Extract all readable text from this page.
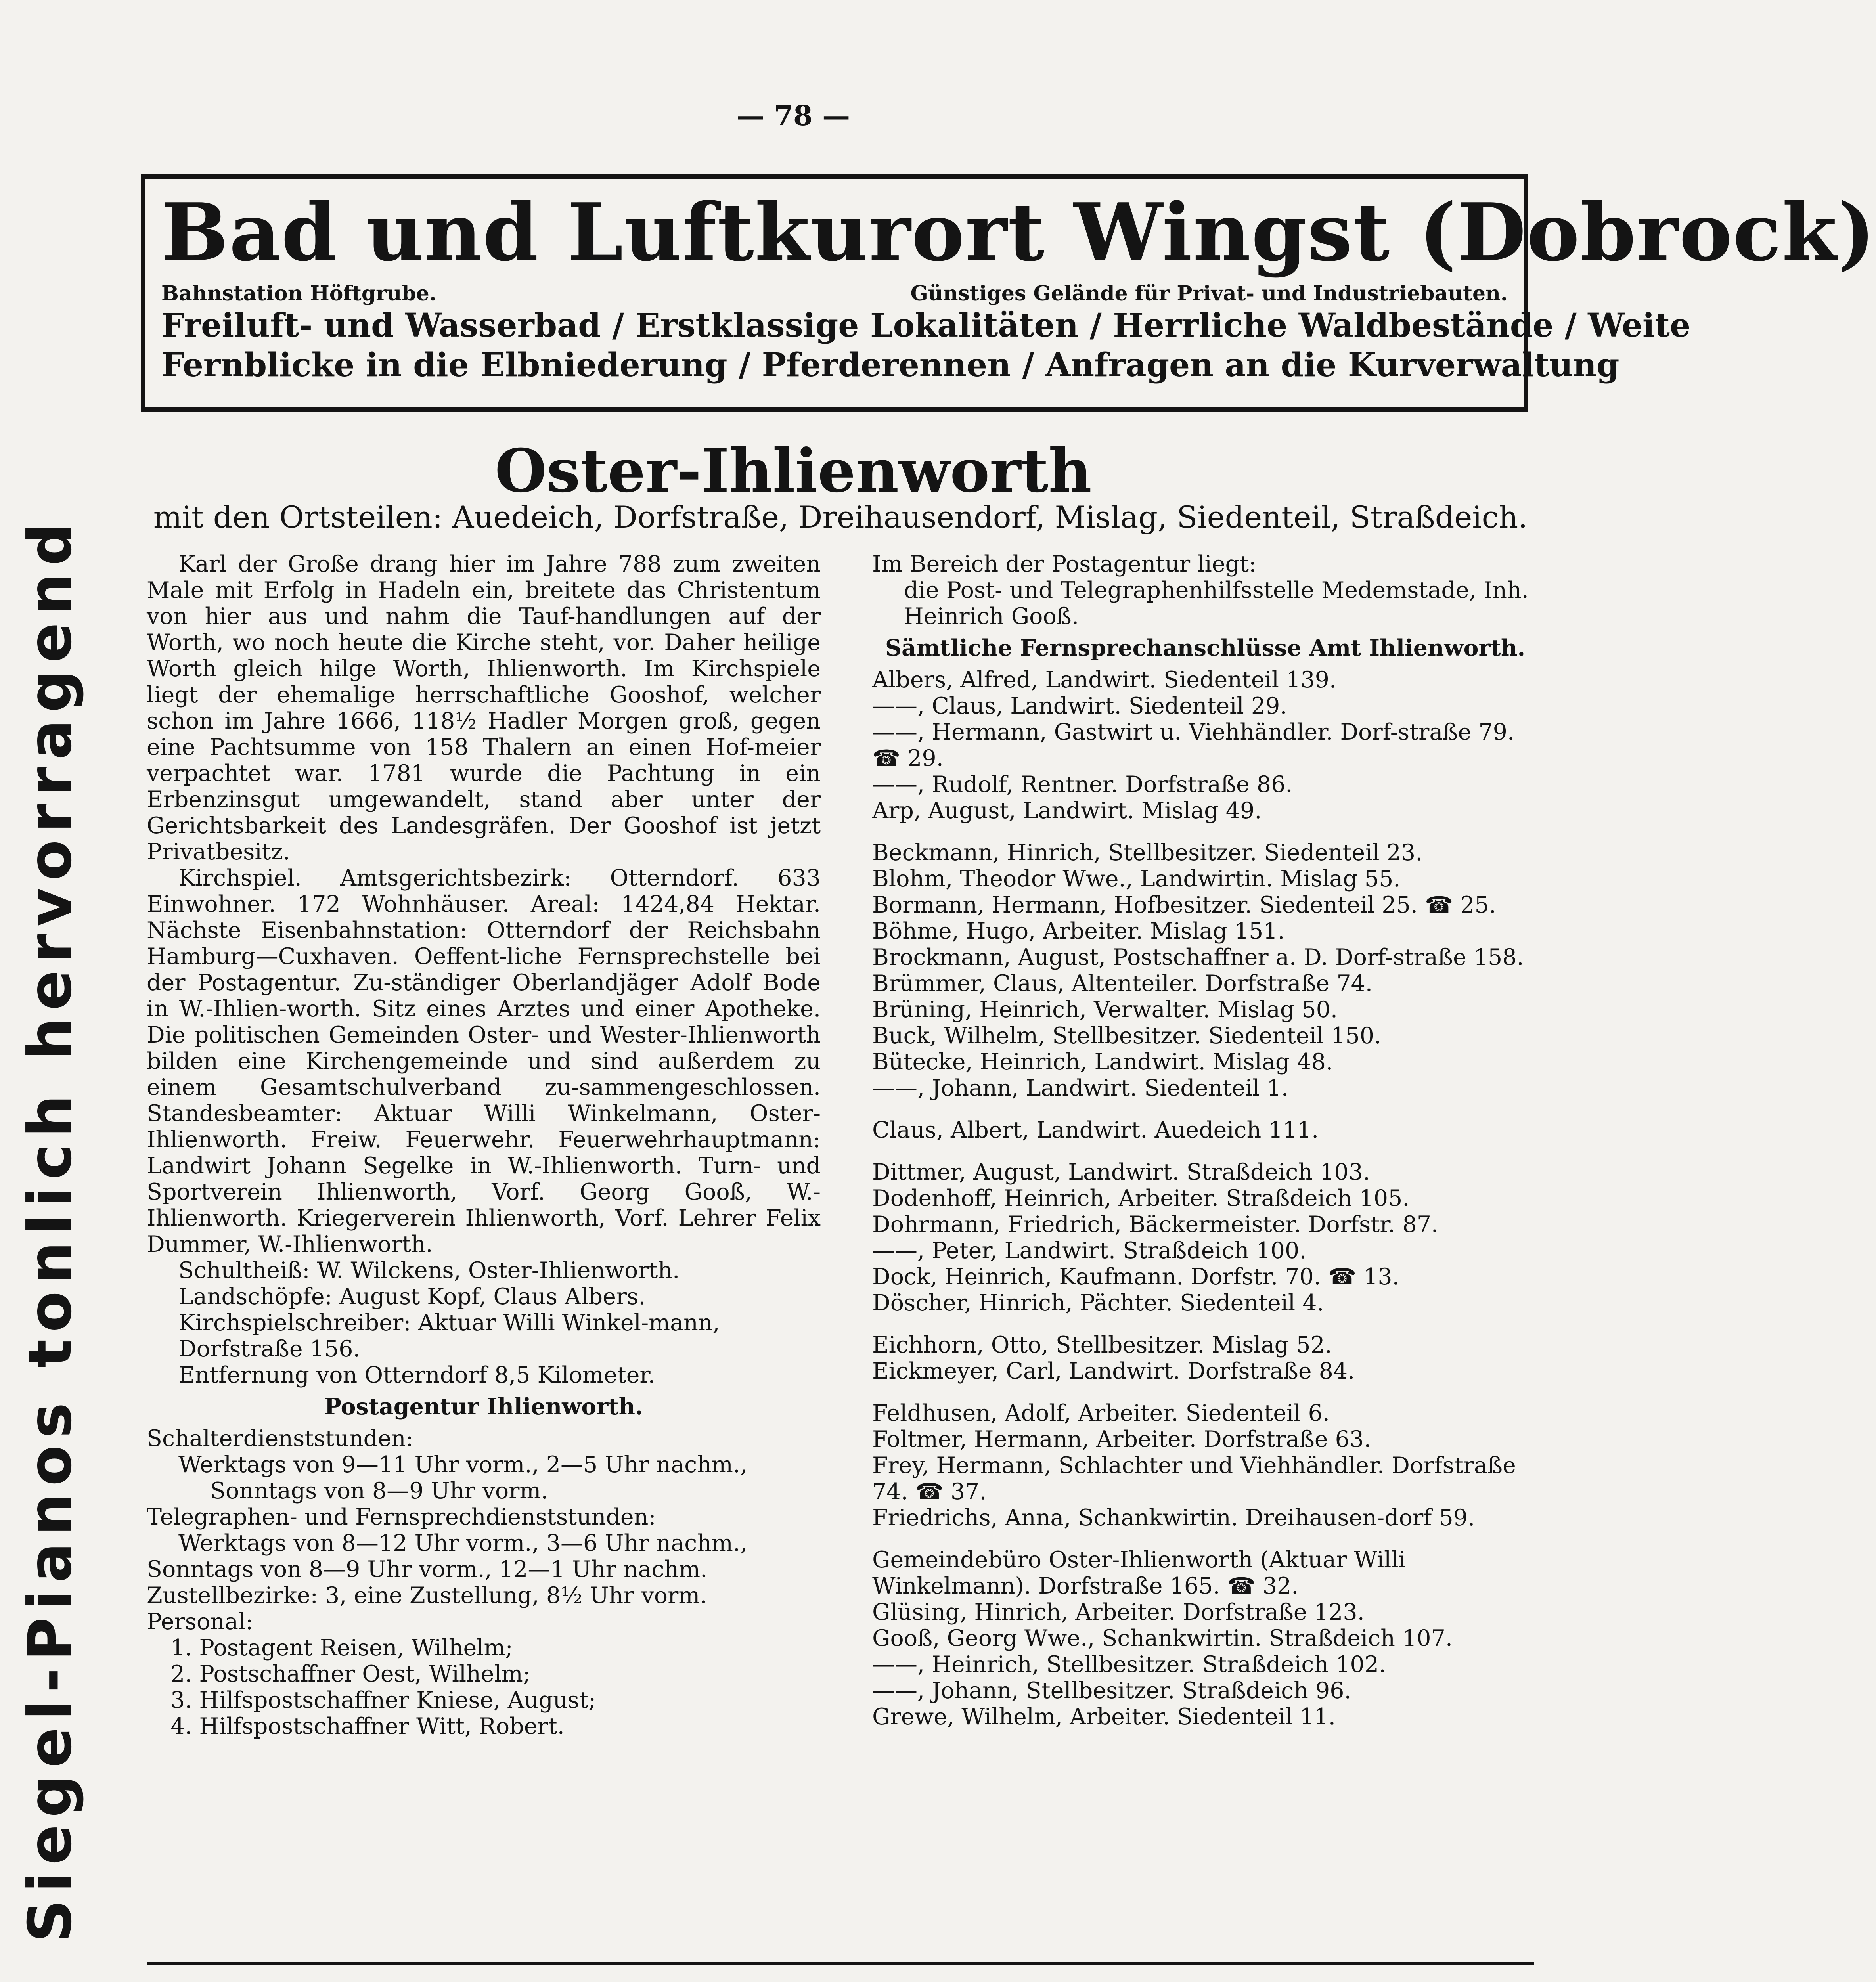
— 78 —
Bad und Luftkurort Wingst (Dobrock)
Bahnstation Höftgrube.	Günstiges Gelände für Privat- und Industriebauten.
Freiluft- und Wasserbad / Erstklassige Lokalitäten / Herrliche Waldbestände / Weite
Fernblicke in die Elbniederung / Pferderennen / Anfragen an die Kurverwaltung
Siegel-Pianos tonlich hervorragend
Oster-Ihlienworth
mit den Ortsteilen: Auedeich, Dorfstraße, Dreihausendorf, Mislag, Siedenteil, Straßdeich.

Karl der Große drang hier im Jahre 788 zum zweiten Male mit Erfolg in Hadeln ein, breitete das Christentum von hier aus und nahm die Tauf-handlungen auf der Worth, wo noch heute die Kirche steht, vor. Daher heilige Worth gleich hilge Worth, Ihlienworth. Im Kirchspiele liegt der ehemalige herrschaftliche Gooshof, welcher schon im Jahre 1666, 118½ Hadler Morgen groß, gegen eine Pachtsumme von 158 Thalern an einen Hof-meier verpachtet war. 1781 wurde die Pachtung in ein Erbenzinsgut umgewandelt, stand aber unter der Gerichtsbarkeit des Landesgräfen. Der Gooshof ist jetzt Privatbesitz.

Kirchspiel. Amtsgerichtsbezirk: Otterndorf. 633 Einwohner. 172 Wohnhäuser. Areal: 1424,84 Hektar. Nächste Eisenbahnstation: Otterndorf der Reichsbahn Hamburg—Cuxhaven. Oeffent-liche Fernsprechstelle bei der Postagentur. Zu-ständiger Oberlandjäger Adolf Bode in W.-Ihlien-worth. Sitz eines Arztes und einer Apotheke. Die politischen Gemeinden Oster- und Wester-Ihlienworth bilden eine Kirchengemeinde und sind außerdem zu einem Gesamtschulverband zu-sammengeschlossen. Standesbeamter: Aktuar Willi Winkelmann, Oster-Ihlienworth. Freiw. Feuerwehr. Feuerwehrhauptmann: Landwirt Johann Segelke in W.-Ihlienworth. Turn- und Sportverein Ihlienworth, Vorf. Georg Gooß, W.-Ihlienworth. Kriegerverein Ihlienworth, Vorf. Lehrer Felix Dummer, W.-Ihlienworth.

Schultheiß: W. Wilckens, Oster-Ihlienworth.

Landschöpfe: August Kopf, Claus Albers.

Kirchspielschreiber: Aktuar Willi Winkel-mann, Dorfstraße 156.

Entfernung von Otterndorf 8,5 Kilometer.

Postagentur Ihlienworth.

Schalterdienststunden:

Werktags von 9—11 Uhr vorm., 2—5 Uhr nachm.,

Sonntags von 8—9 Uhr vorm.

Telegraphen- und Fernsprechdienststunden:

Werktags von 8—12 Uhr vorm., 3—6 Uhr nachm.,

Sonntags von 8—9 Uhr vorm., 12—1 Uhr nachm.

Zustellbezirke: 3, eine Zustellung, 8½ Uhr vorm.

Personal:

1. Postagent Reisen, Wilhelm;

2. Postschaffner Oest, Wilhelm;

3. Hilfspostschaffner Kniese, August;

4. Hilfspostschaffner Witt, Robert.

Im Bereich der Postagentur liegt:

die Post- und Telegraphenhilfsstelle Medemstade, Inh. Heinrich Gooß.

Sämtliche Fernsprechanschlüsse Amt Ihlienworth.

Albers, Alfred, Landwirt. Siedenteil 139.

——, Claus, Landwirt. Siedenteil 29.

——, Hermann, Gastwirt u. Viehhändler. Dorf-straße 79. ☎ 29.

——, Rudolf, Rentner. Dorfstraße 86.

Arp, August, Landwirt. Mislag 49.

Beckmann, Hinrich, Stellbesitzer. Siedenteil 23.

Blohm, Theodor Wwe., Landwirtin. Mislag 55.

Bormann, Hermann, Hofbesitzer. Siedenteil 25. ☎ 25.

Böhme, Hugo, Arbeiter. Mislag 151.

Brockmann, August, Postschaffner a. D. Dorf-straße 158.

Brümmer, Claus, Altenteiler. Dorfstraße 74.

Brüning, Heinrich, Verwalter. Mislag 50.

Buck, Wilhelm, Stellbesitzer. Siedenteil 150.

Bütecke, Heinrich, Landwirt. Mislag 48.

——, Johann, Landwirt. Siedenteil 1.

Claus, Albert, Landwirt. Auedeich 111.

Dittmer, August, Landwirt. Straßdeich 103.

Dodenhoff, Heinrich, Arbeiter. Straßdeich 105.

Dohrmann, Friedrich, Bäckermeister. Dorfstr. 87.

——, Peter, Landwirt. Straßdeich 100.

Dock, Heinrich, Kaufmann. Dorfstr. 70. ☎ 13.

Döscher, Hinrich, Pächter. Siedenteil 4.

Eichhorn, Otto, Stellbesitzer. Mislag 52.

Eickmeyer, Carl, Landwirt. Dorfstraße 84.

Feldhusen, Adolf, Arbeiter. Siedenteil 6.

Foltmer, Hermann, Arbeiter. Dorfstraße 63.

Frey, Hermann, Schlachter und Viehhändler. Dorfstraße 74. ☎ 37.

Friedrichs, Anna, Schankwirtin. Dreihausen-dorf 59.

Gemeindebüro Oster-Ihlienworth (Aktuar Willi Winkelmann). Dorfstraße 165. ☎ 32.

Glüsing, Hinrich, Arbeiter. Dorfstraße 123.

Gooß, Georg Wwe., Schankwirtin. Straßdeich 107.

——, Heinrich, Stellbesitzer. Straßdeich 102.

——, Johann, Stellbesitzer. Straßdeich 96.

Grewe, Wilhelm, Arbeiter. Siedenteil 11.
